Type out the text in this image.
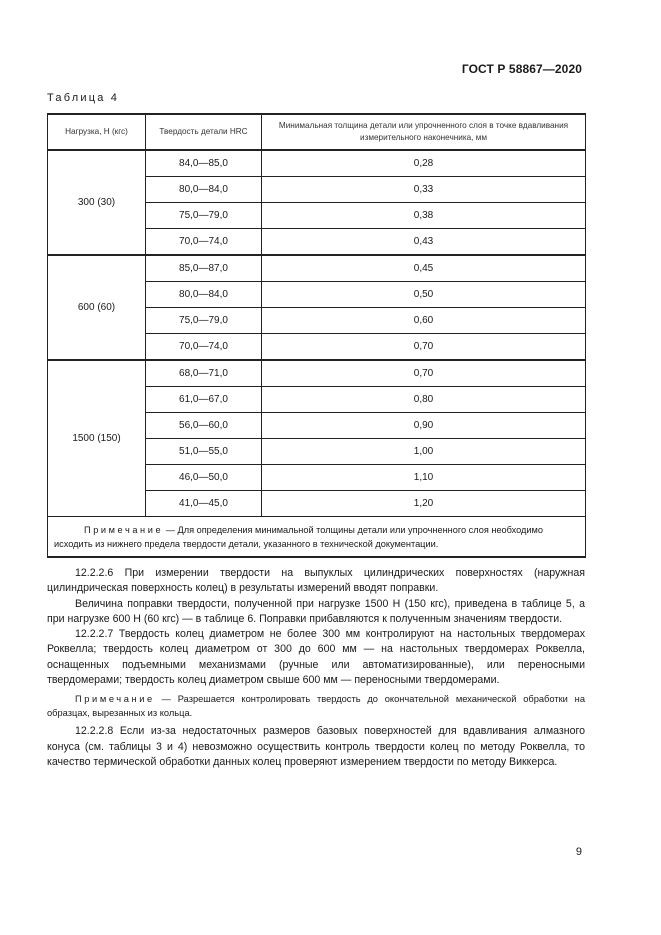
ГОСТ Р 58867—2020
Таблица 4
Нагрузка, Н (кгс)	Твердость детали HRC	Минимальная толщина детали или упрочненного слоя в точке вдавливания измерительного наконечника, мм
300 (30)	84,0—85,0	0,28
	80,0—84,0	0,33
	75,0—79,0	0,38
	70,0—74,0	0,43
600 (60)	85,0—87,0	0,45
	80,0—84,0	0,50
	75,0—79,0	0,60
	70,0—74,0	0,70
1500 (150)	68,0—71,0	0,70
	61,0—67,0	0,80
	56,0—60,0	0,90
	51,0—55,0	1,00
	46,0—50,0	1,10
	41,0—45,0	1,20
Примечание — Для определения минимальной толщины детали или упрочненного слоя необходимо исходить из нижнего предела твердости детали, указанного в технической документации.		

12.2.2.6 При измерении твердости на выпуклых цилиндрических поверхностях (наружная цилиндрическая поверхность колец) в результаты измерений вводят поправки.

Величина поправки твердости, полученной при нагрузке 1500 Н (150 кгс), приведена в таблице 5, а при нагрузке 600 Н (60 кгс) — в таблице 6. Поправки прибавляются к полученным значениям твердости.

12.2.2.7 Твердость колец диаметром не более 300 мм контролируют на настольных твердомерах Роквелла; твердость колец диаметром от 300 до 600 мм — на настольных твердомерах Роквелла, оснащенных подъемными механизмами (ручные или автоматизированные), или переносными твердомерами; твердость колец диаметром свыше 600 мм — переносными твердомерами.

Примечание — Разрешается контролировать твердость до окончательной механической обработки на образцах, вырезанных из кольца.

12.2.2.8 Если из-за недостаточных размеров базовых поверхностей для вдавливания алмазного конуса (см. таблицы 3 и 4) невозможно осуществить контроль твердости колец по методу Роквелла, то качество термической обработки данных колец проверяют измерением твердости по методу Виккерса.

9
